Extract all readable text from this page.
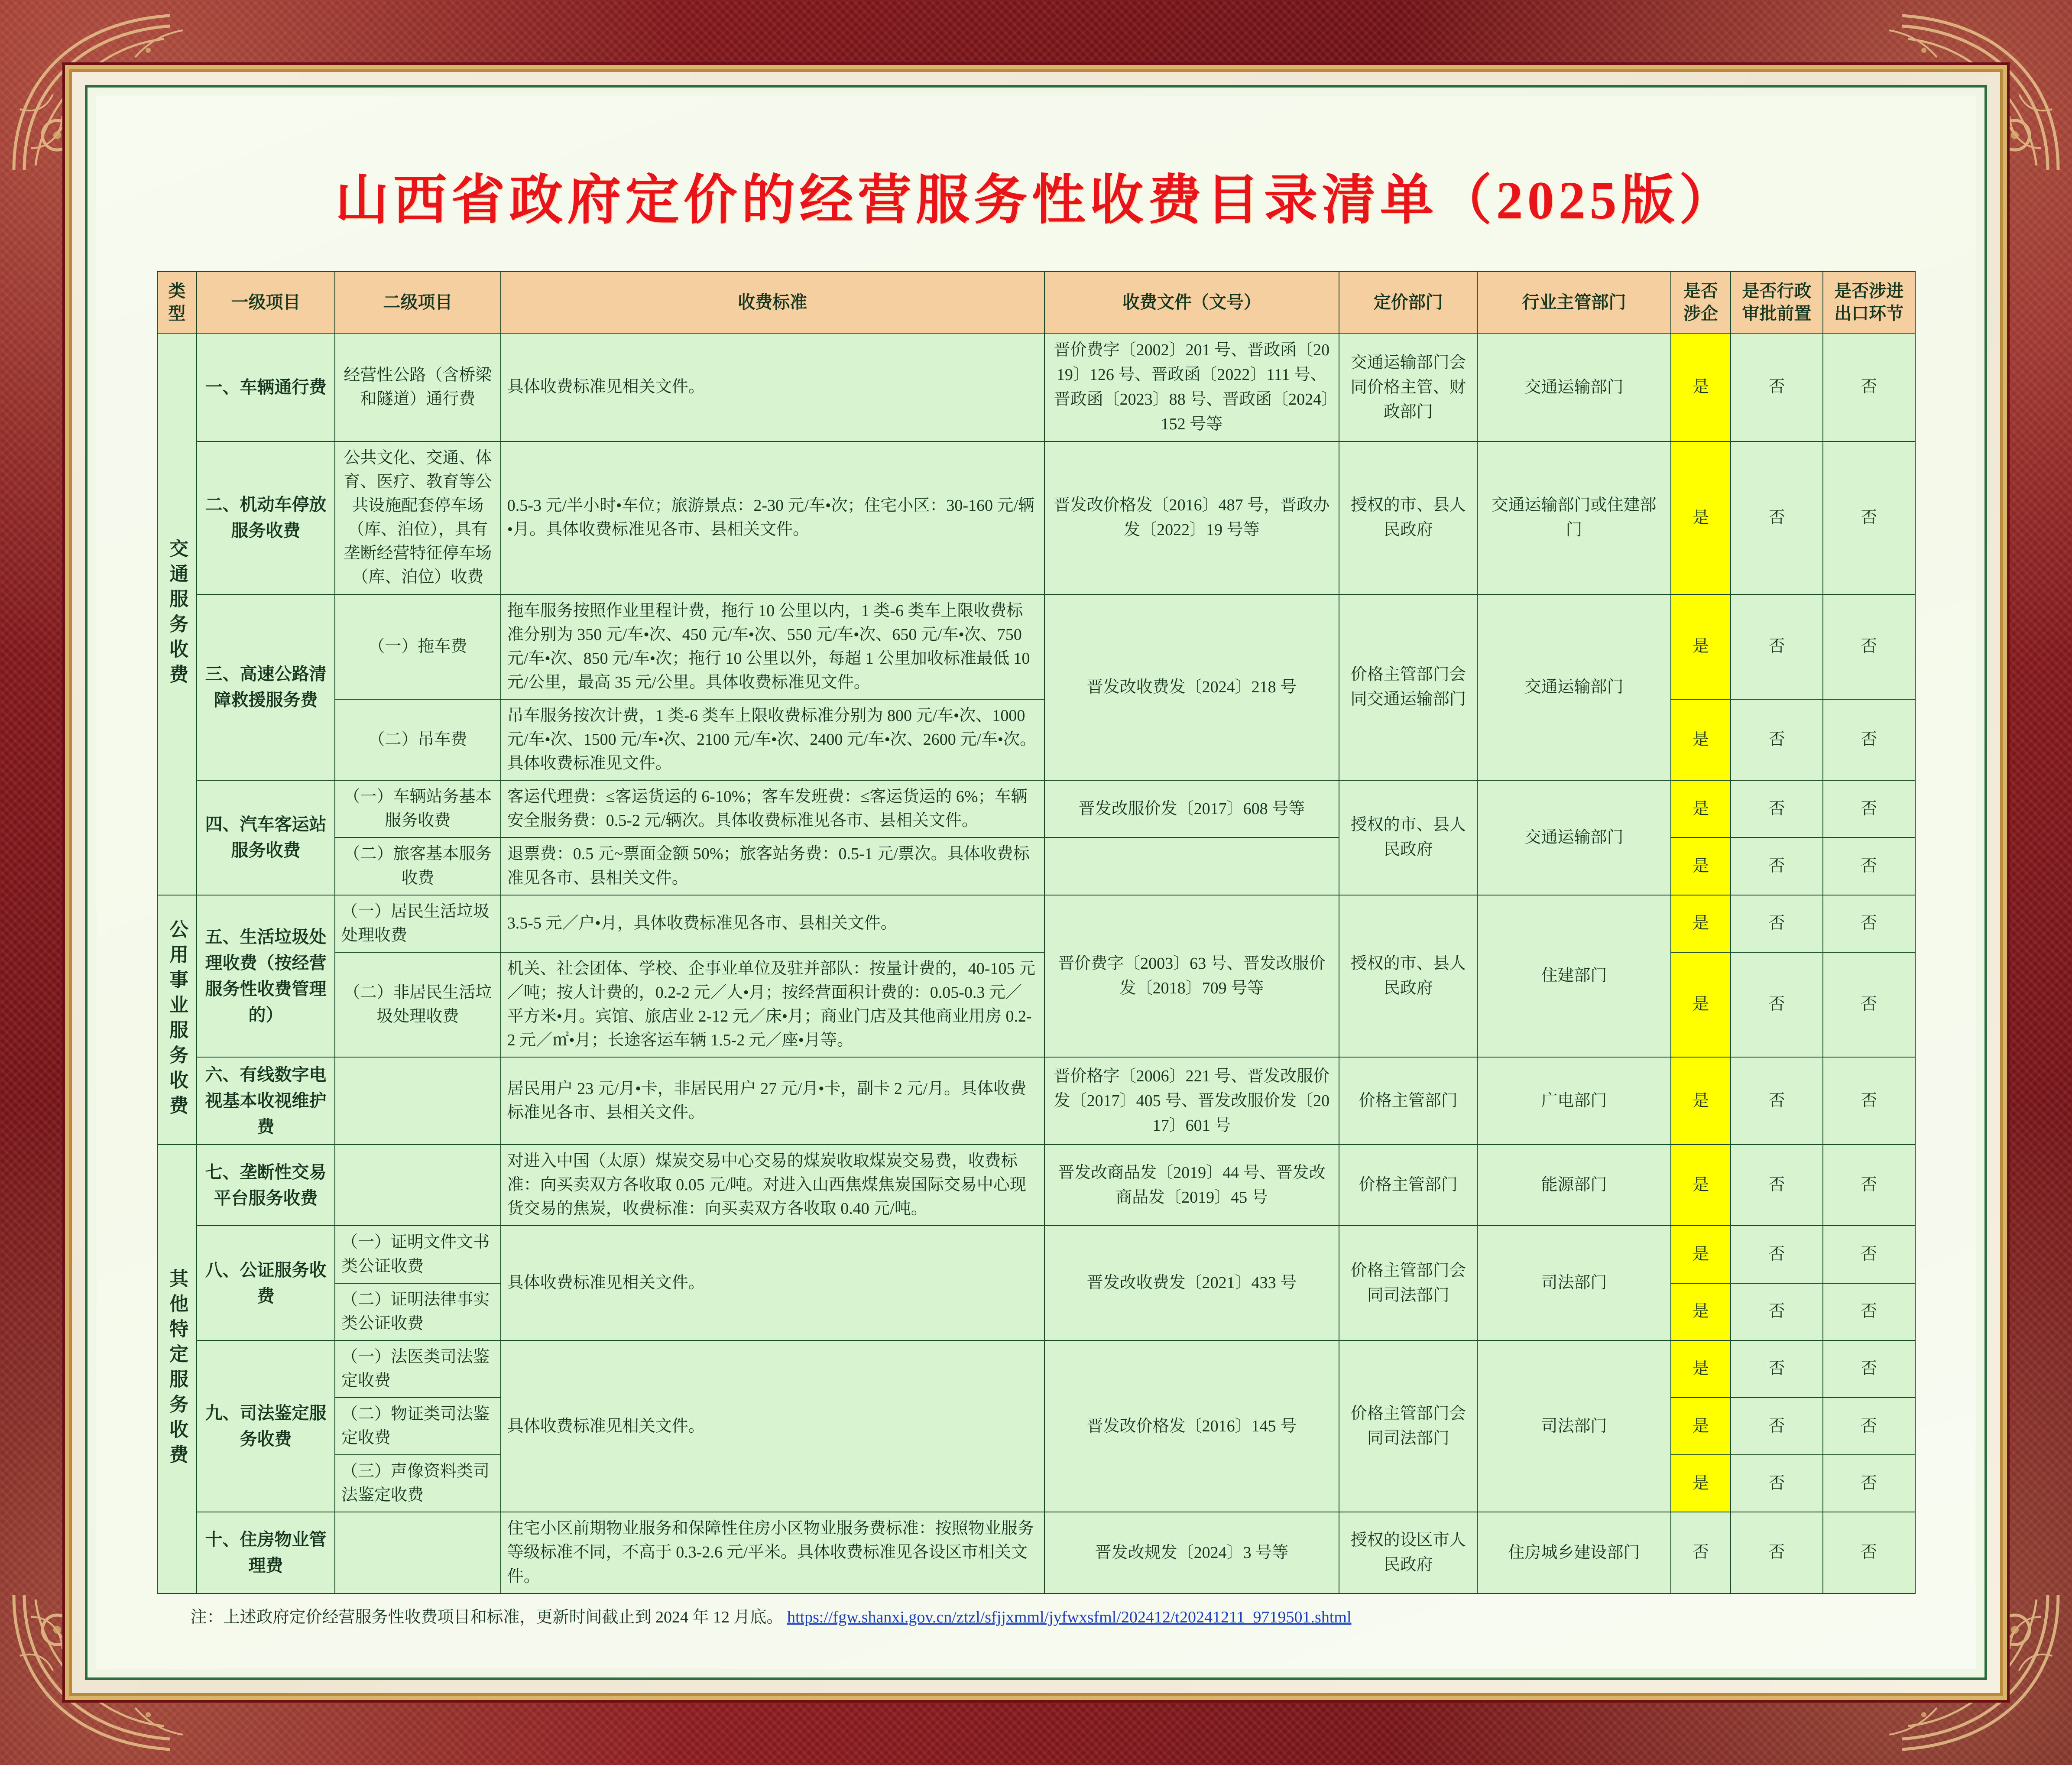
山西省政府定价的经营服务性收费目录清单（2025版）
类型	一级项目	二级项目	收费标准	收费文件（文号）	定价部门	行业主管部门	是否涉企	是否行政审批前置	是否涉进出口环节
交通服务收费	一、车辆通行费	经营性公路（含桥梁和隧道）通行费	具体收费标准见相关文件。	晋价费字〔2002〕201 号、晋政函〔2019〕126 号、晋政函〔2022〕111 号、晋政函〔2023〕88 号、晋政函〔2024〕152 号等	交通运输部门会同价格主管、财政部门	交通运输部门	是	否	否
	二、机动车停放服务收费	公共文化、交通、体育、医疗、教育等公共设施配套停车场（库、泊位），具有垄断经营特征停车场（库、泊位）收费	0.5-3 元/半小时•车位；旅游景点：2-30 元/车•次；住宅小区：30-160 元/辆•月。具体收费标准见各市、县相关文件。	晋发改价格发〔2016〕487 号，晋政办发〔2022〕19 号等	授权的市、县人民政府	交通运输部门或住建部门	是	否	否
	三、高速公路清障救援服务费	（一）拖车费	拖车服务按照作业里程计费，拖行 10 公里以内，1 类-6 类车上限收费标准分别为 350 元/车•次、450 元/车•次、550 元/车•次、650 元/车•次、750 元/车•次、850 元/车•次；拖行 10 公里以外，每超 1 公里加收标准最低 10 元/公里，最高 35 元/公里。具体收费标准见文件。	晋发改收费发〔2024〕218 号	价格主管部门会同交通运输部门	交通运输部门	是	否	否
		（二）吊车费	吊车服务按次计费，1 类-6 类车上限收费标准分别为 800 元/车•次、1000 元/车•次、1500 元/车•次、2100 元/车•次、2400 元/车•次、2600 元/车•次。具体收费标准见文件。				是	否	否
	四、汽车客运站服务收费	（一）车辆站务基本服务收费	客运代理费：≤客运货运的 6-10%；客车发班费：≤客运货运的 6%；车辆安全服务费：0.5-2 元/辆次。具体收费标准见各市、县相关文件。	晋发改服价发〔2017〕608 号等	授权的市、县人民政府	交通运输部门	是	否	否
		（二）旅客基本服务收费	退票费：0.5 元~票面金额 50%；旅客站务费：0.5-1 元/票次。具体收费标准见各市、县相关文件。				是	否	否
公用事业服务收费	五、生活垃圾处理收费（按经营服务性收费管理的）	（一）居民生活垃圾处理收费	3.5-5 元／户•月，具体收费标准见各市、县相关文件。	晋价费字〔2003〕63 号、晋发改服价发〔2018〕709 号等	授权的市、县人民政府	住建部门	是	否	否
		（二）非居民生活垃圾处理收费	机关、社会团体、学校、企事业单位及驻并部队：按量计费的，40-105 元／吨；按人计费的，0.2-2 元／人•月；按经营面积计费的：0.05-0.3 元／平方米•月。宾馆、旅店业 2-12 元／床•月；商业门店及其他商业用房 0.2-2 元／㎡•月；长途客运车辆 1.5-2 元／座•月等。				是	否	否
	六、有线数字电视基本收视维护费		居民用户 23 元/月•卡，非居民用户 27 元/月•卡，副卡 2 元/月。具体收费标准见各市、县相关文件。	晋价格字〔2006〕221 号、晋发改服价发〔2017〕405 号、晋发改服价发〔2017〕601 号	价格主管部门	广电部门	是	否	否

其他特定服务收费	七、垄断性交易平台服务收费		对进入中国（太原）煤炭交易中心交易的煤炭收取煤炭交易费，收费标准：向买卖双方各收取 0.05 元/吨。对进入山西焦煤焦炭国际交易中心现货交易的焦炭，收费标准：向买卖双方各收取 0.40 元/吨。	晋发改商品发〔2019〕44 号、晋发改商品发〔2019〕45 号	价格主管部门	能源部门	是	否	否
	八、公证服务收费	（一）证明文件文书类公证收费	具体收费标准见相关文件。	晋发改收费发〔2021〕433 号	价格主管部门会同司法部门	司法部门	是	否	否
		（二）证明法律事实类公证收费					是	否	否
	九、司法鉴定服务收费	（一）法医类司法鉴定收费	具体收费标准见相关文件。	晋发改价格发〔2016〕145 号	价格主管部门会同司法部门	司法部门	是	否	否
		（二）物证类司法鉴定收费					是	否	否
		（三）声像资料类司法鉴定收费					是	否	否
	十、住房物业管理费		住宅小区前期物业服务和保障性住房小区物业服务费标准：按照物业服务等级标准不同，不高于 0.3-2.6 元/平米。具体收费标准见各设区市相关文件。	晋发改规发〔2024〕3 号等	授权的设区市人民政府	住房城乡建设部门	否	否	否
注：上述政府定价经营服务性收费项目和标准，更新时间截止到 2024 年 12 月底。 https://fgw.shanxi.gov.cn/ztzl/sfjjxmml/jyfwxsfml/202412/t20241211_9719501.shtml
